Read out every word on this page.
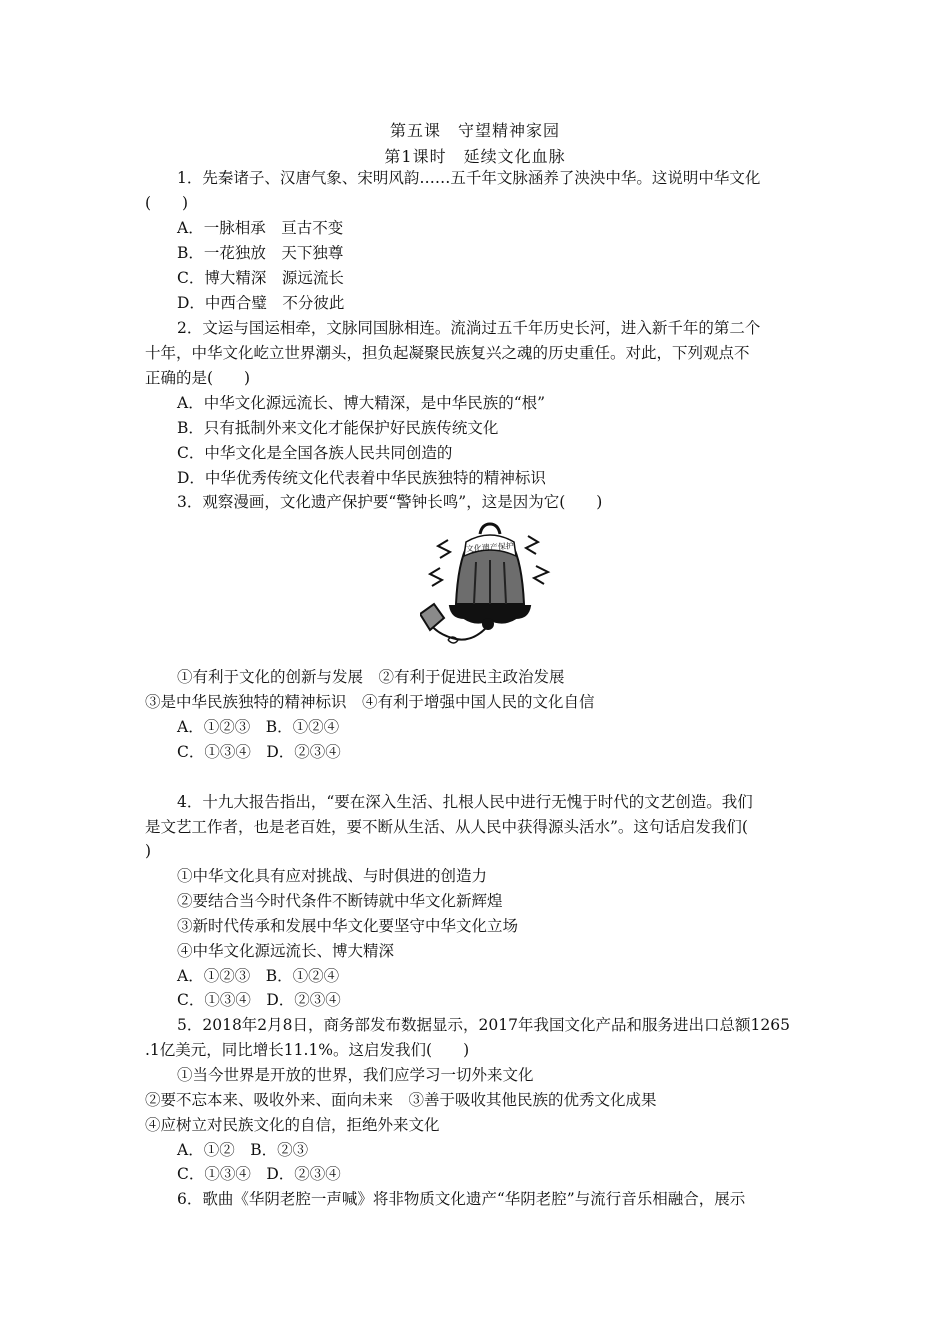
第五课　守望精神家园
第1课时　延续文化血脉
1．先秦诸子、汉唐气象、宋明风韵……五千年文脉涵养了泱泱中华。这说明中华文化
(　　)
A．一脉相承　亘古不变
B．一花独放　天下独尊
C．博大精深　源远流长
D．中西合璧　不分彼此
2．文运与国运相牵，文脉同国脉相连。流淌过五千年历史长河，进入新千年的第二个
十年，中华文化屹立世界潮头，担负起凝聚民族复兴之魂的历史重任。对此，下列观点不
正确的是(　　)
A．中华文化源远流长、博大精深，是中华民族的“根”
B．只有抵制外来文化才能保护好民族传统文化
C．中华文化是全国各族人民共同创造的
D．中华优秀传统文化代表着中华民族独特的精神标识
3．观察漫画，文化遗产保护要“警钟长鸣”，这是因为它(　　)
文化遗产保护
①有利于文化的创新与发展　②有利于促进民主政治发展
③是中华民族独特的精神标识　④有利于增强中国人民的文化自信
A．①②③　B．①②④
C．①③④　D．②③④
4．十九大报告指出，“要在深入生活、扎根人民中进行无愧于时代的文艺创造。我们
是文艺工作者，也是老百姓，要不断从生活、从人民中获得源头活水”。这句话启发我们(
)
①中华文化具有应对挑战、与时俱进的创造力
②要结合当今时代条件不断铸就中华文化新辉煌
③新时代传承和发展中华文化要坚守中华文化立场
④中华文化源远流长、博大精深
A．①②③　B．①②④
C．①③④　D．②③④
5．2018年2月8日，商务部发布数据显示，2017年我国文化产品和服务进出口总额1265
.1亿美元，同比增长11.1%。这启发我们(　　)
①当今世界是开放的世界，我们应学习一切外来文化
②要不忘本来、吸收外来、面向未来　③善于吸收其他民族的优秀文化成果
④应树立对民族文化的自信，拒绝外来文化
A．①②　B．②③
C．①③④　D．②③④
6．歌曲《华阴老腔一声喊》将非物质文化遗产“华阴老腔”与流行音乐相融合，展示
